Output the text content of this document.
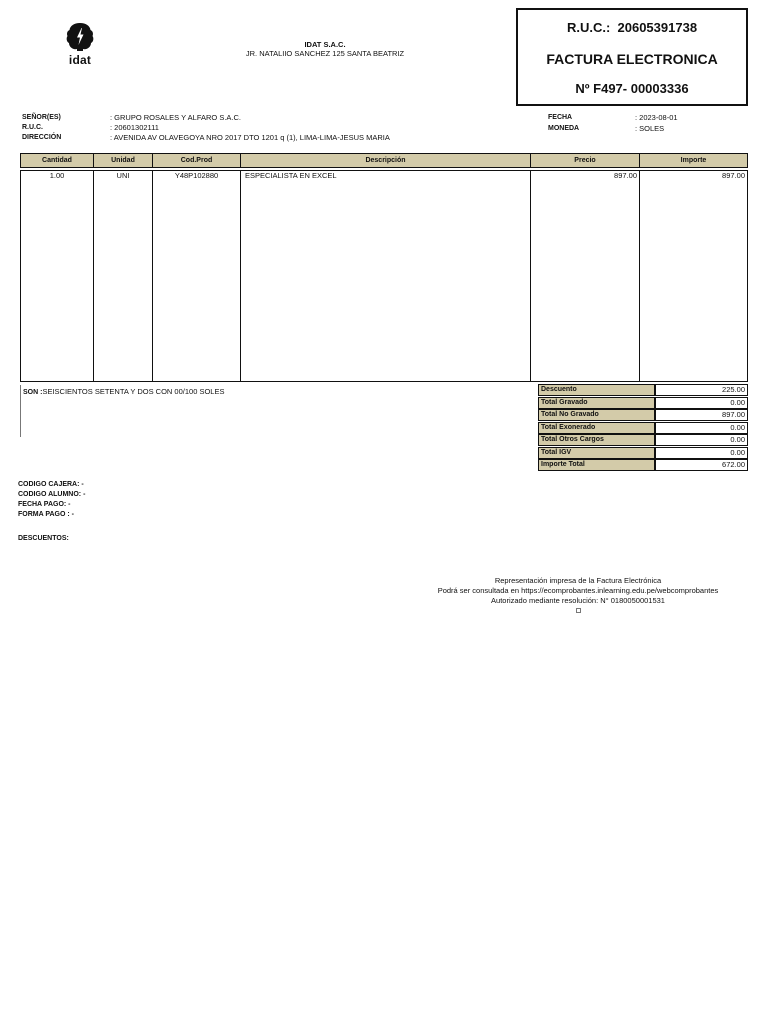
idat
IDAT S.A.C.
JR. NATALIIO SANCHEZ 125 SANTA BEATRIZ
R.U.C.: 20605391738
FACTURA ELECTRONICA
Nº F497- 00003336
SEÑOR(ES)	: GRUPO ROSALES Y ALFARO S.A.C.
R.U.C.	: 20601302111
DIRECCIÓN	: AVENIDA AV OLAVEGOYA NRO 2017 DTO 1201 q (1), LIMA-LIMA-JESUS MARIA
FECHA	: 2023-08-01
MONEDA	: SOLES
Cantidad	Unidad	Cod.Prod	Descripción	Precio	Importe
1.00	UNI	Y48P102880	ESPECIALISTA EN EXCEL	897.00	897.00
SON :SEISCIENTOS SETENTA Y DOS CON 00/100 SOLES	Descuento	225.00
Total Gravado	0.00
Total No Gravado	897.00
Total Exonerado	0.00
Total Otros Cargos	0.00
Total IGV	0.00
Importe Total	672.00
CODIGO CAJERA: -
CODIGO ALUMNO: -
FECHA PAGO: -
FORMA PAGO : -
DESCUENTOS:
Representación impresa de la Factura Electrónica
Podrá ser consultada en https://ecomprobantes.inlearning.edu.pe/webcomprobantes
Autorizado mediante resolución: N° 0180050001531
